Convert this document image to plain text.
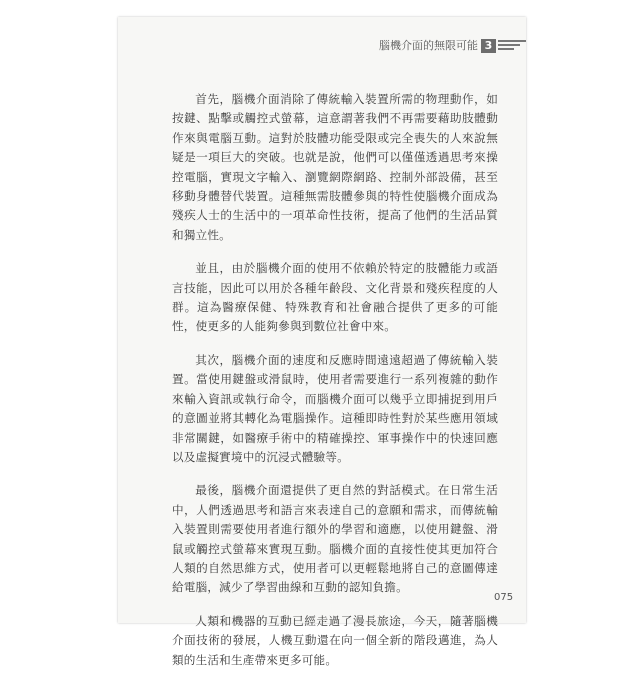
腦機介面的無限可能 3

首先，腦機介面消除了傳統輸入裝置所需的物理動作，如按鍵、點擊或觸控式螢幕，這意謂著我們不再需要藉助肢體動作來與電腦互動。這對於肢體功能受限或完全喪失的人來說無疑是一項巨大的突破。也就是說，他們可以僅僅透過思考來操控電腦，實現文字輸入、瀏覽網際網路、控制外部設備，甚至移動身體替代裝置。這種無需肢體參與的特性使腦機介面成為殘疾人士的生活中的一項革命性技術，提高了他們的生活品質和獨立性。

並且，由於腦機介面的使用不依賴於特定的肢體能力或語言技能，因此可以用於各種年齡段、文化背景和殘疾程度的人群。這為醫療保健、特殊教育和社會融合提供了更多的可能性，使更多的人能夠參與到數位社會中來。

其次，腦機介面的速度和反應時間遠遠超過了傳統輸入裝置。當使用鍵盤或滑鼠時，使用者需要進行一系列複雜的動作來輸入資訊或執行命令，而腦機介面可以幾乎立即捕捉到用戶的意圖並將其轉化為電腦操作。這種即時性對於某些應用領域非常關鍵，如醫療手術中的精確操控、軍事操作中的快速回應以及虛擬實境中的沉浸式體驗等。

最後，腦機介面還提供了更自然的對話模式。在日常生活中，人們透過思考和語言來表達自己的意願和需求，而傳統輸入裝置則需要使用者進行額外的學習和適應，以使用鍵盤、滑鼠或觸控式螢幕來實現互動。腦機介面的直接性使其更加符合人類的自然思維方式，使用者可以更輕鬆地將自己的意圖傳達給電腦，減少了學習曲線和互動的認知負擔。

人類和機器的互動已經走過了漫長旅途，今天，隨著腦機介面技術的發展，人機互動還在向一個全新的階段邁進，為人類的生活和生產帶來更多可能。

075
